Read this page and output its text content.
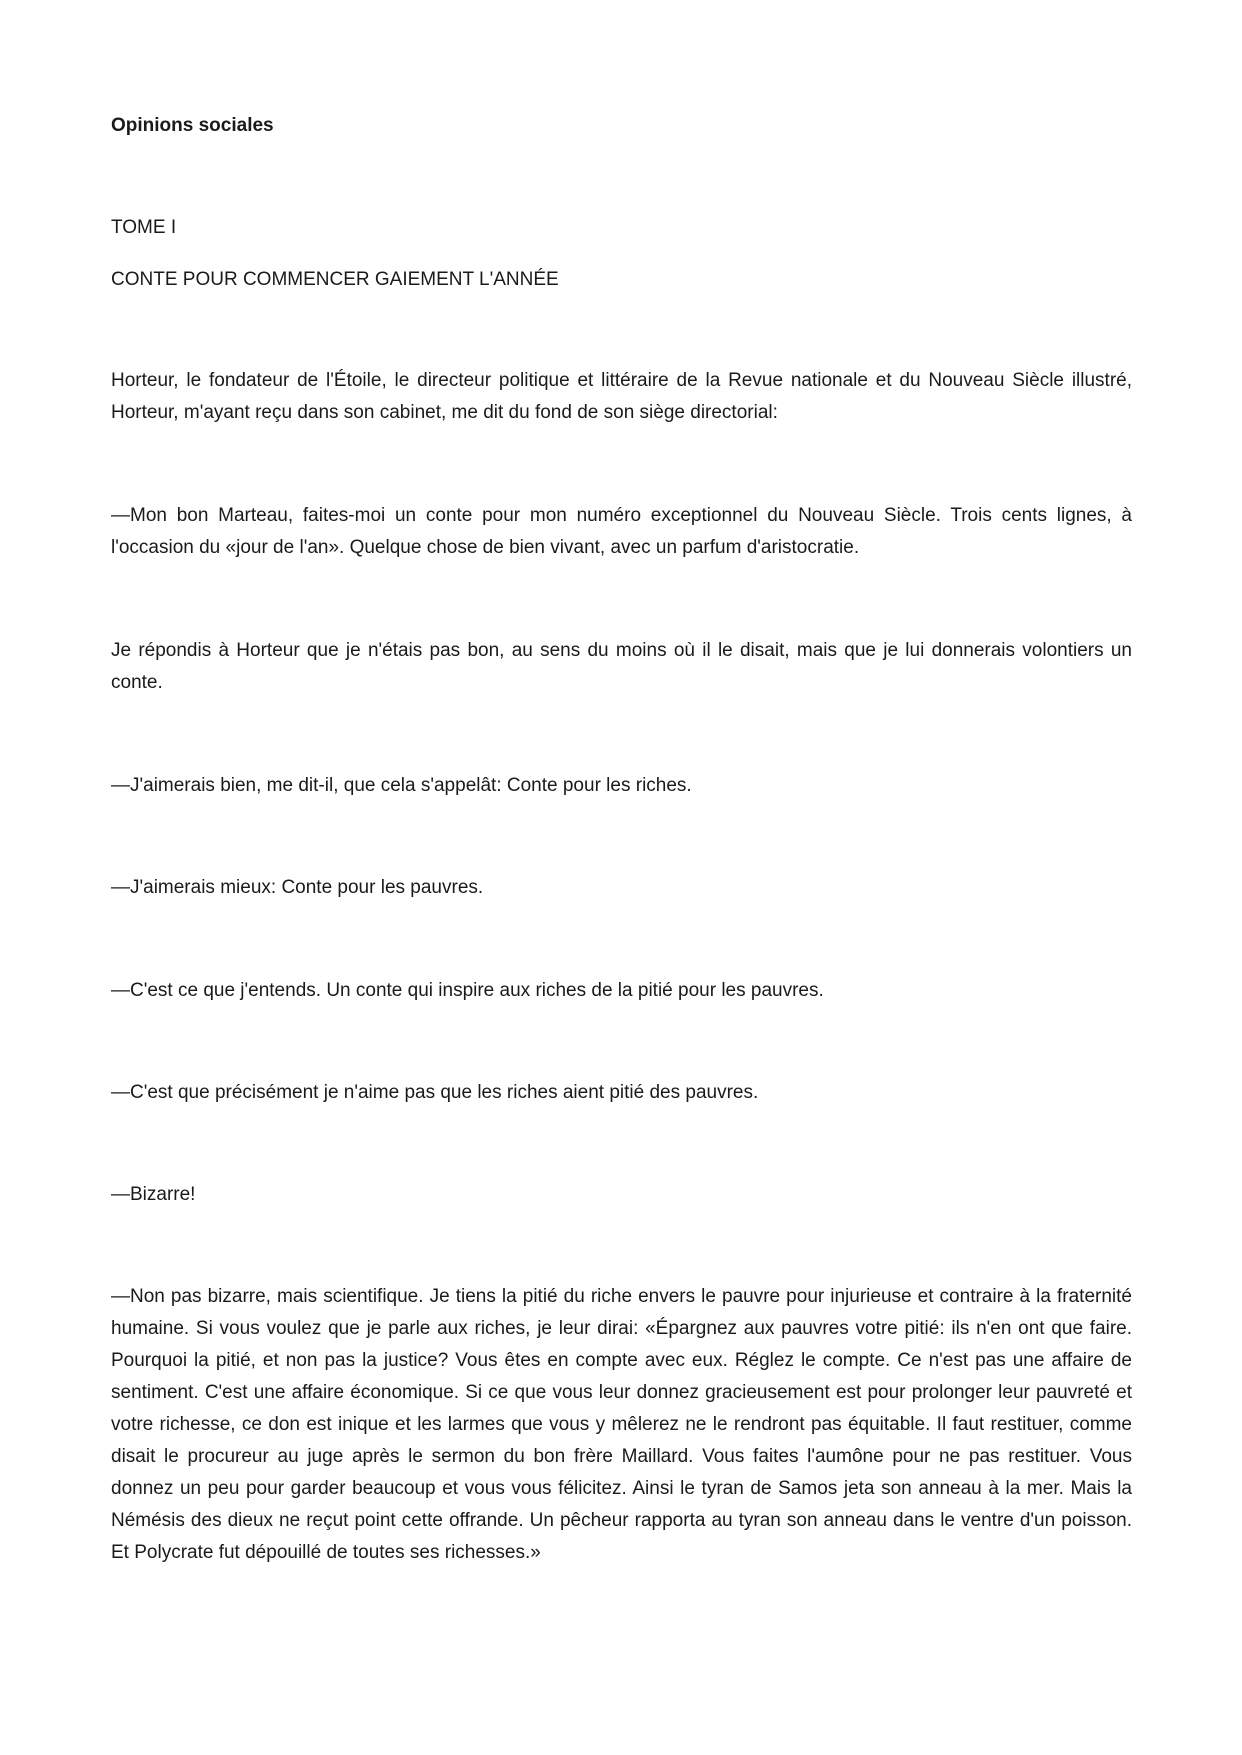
Opinions sociales

TOME I

CONTE POUR COMMENCER GAIEMENT L'ANNÉE

Horteur, le fondateur de l'Étoile, le directeur politique et littéraire de la Revue nationale et du Nouveau Siècle illustré, Horteur, m'ayant reçu dans son cabinet, me dit du fond de son siège directorial:

—Mon bon Marteau, faites-moi un conte pour mon numéro exceptionnel du Nouveau Siècle. Trois cents lignes, à l'occasion du «jour de l'an». Quelque chose de bien vivant, avec un parfum d'aristocratie.

Je répondis à Horteur que je n'étais pas bon, au sens du moins où il le disait, mais que je lui donnerais volontiers un conte.

—J'aimerais bien, me dit-il, que cela s'appelât: Conte pour les riches.

—J'aimerais mieux: Conte pour les pauvres.

—C'est ce que j'entends. Un conte qui inspire aux riches de la pitié pour les pauvres.

—C'est que précisément je n'aime pas que les riches aient pitié des pauvres.

—Bizarre!

—Non pas bizarre, mais scientifique. Je tiens la pitié du riche envers le pauvre pour injurieuse et contraire à la fraternité humaine. Si vous voulez que je parle aux riches, je leur dirai: «Épargnez aux pauvres votre pitié: ils n'en ont que faire. Pourquoi la pitié, et non pas la justice? Vous êtes en compte avec eux. Réglez le compte. Ce n'est pas une affaire de sentiment. C'est une affaire économique. Si ce que vous leur donnez gracieusement est pour prolonger leur pauvreté et votre richesse, ce don est inique et les larmes que vous y mêlerez ne le rendront pas équitable. Il faut restituer, comme disait le procureur au juge après le sermon du bon frère Maillard. Vous faites l'aumône pour ne pas restituer. Vous donnez un peu pour garder beaucoup et vous vous félicitez. Ainsi le tyran de Samos jeta son anneau à la mer. Mais la Némésis des dieux ne reçut point cette offrande. Un pêcheur rapporta au tyran son anneau dans le ventre d'un poisson. Et Polycrate fut dépouillé de toutes ses richesses.»
